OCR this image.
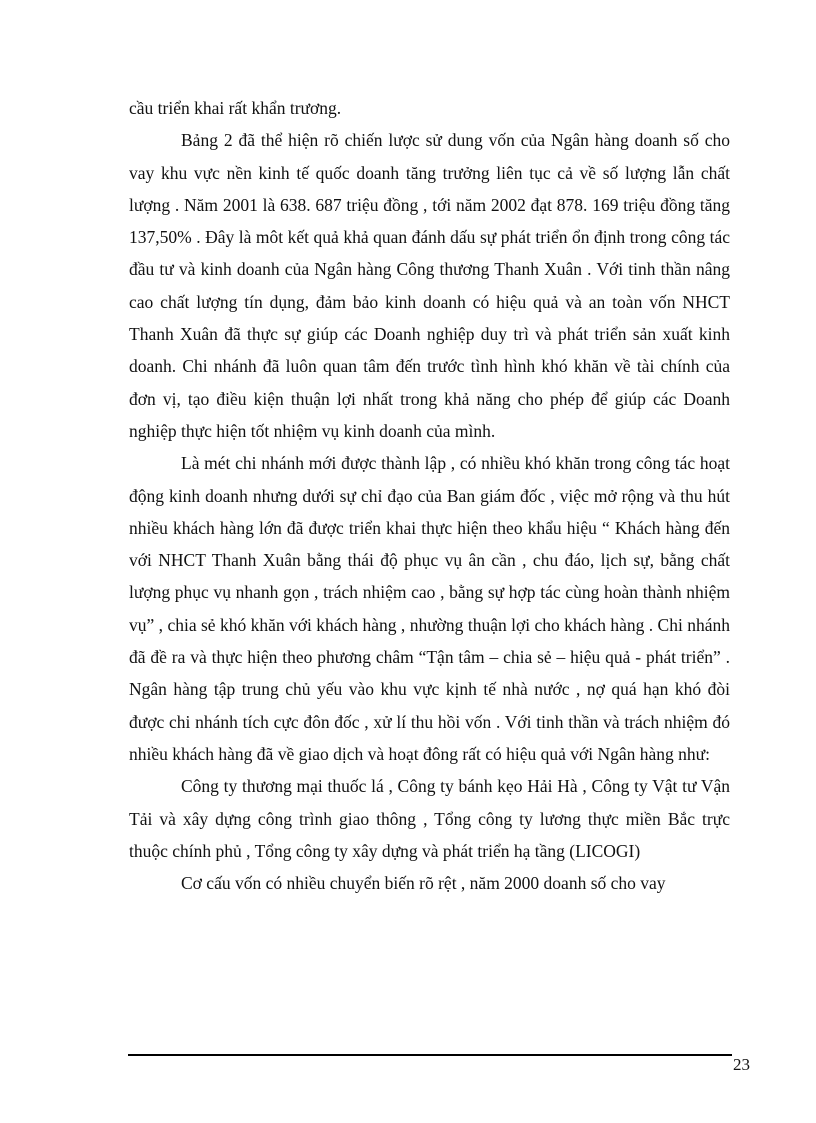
cầu triển khai rất khẩn trương.

Bảng 2 đã thể hiện rõ chiến lược sử dung vốn của Ngân hàng doanh số cho vay khu vực nền kinh tế quốc doanh tăng trưởng liên tục cả về số lượng lẫn chất lượng . Năm 2001 là 638. 687 triệu đồng , tới năm 2002 đạt 878. 169 triệu đồng tăng 137,50% . Đây là môt kết quả khả quan đánh dấu sự phát triển ổn định trong công tác đầu tư và kinh doanh của Ngân hàng Công thương Thanh Xuân . Với tinh thần nâng cao chất lượng tín dụng, đảm bảo kinh doanh có hiệu quả và an toàn vốn NHCT Thanh Xuân đã thực sự giúp các Doanh nghiệp duy trì và phát triển sản xuất kinh doanh. Chi nhánh đã luôn quan tâm đến trước tình hình khó khăn về tài chính của đơn vị, tạo điều kiện thuận lợi nhất trong khả năng cho phép để giúp các Doanh nghiệp thực hiện tốt nhiệm vụ kinh doanh của mình.

Là mét chi nhánh mới được thành lập , có nhiều khó khăn trong công tác hoạt động kinh doanh nhưng dưới sự chỉ đạo của Ban giám đốc , việc mở rộng và thu hút nhiều khách hàng lớn đã được triển khai thực hiện theo khẩu hiệu “ Khách hàng đến với NHCT Thanh Xuân bằng thái độ phục vụ ân cần , chu đáo, lịch sự, bằng chất lượng phục vụ nhanh gọn , trách nhiệm cao , bằng sự hợp tác cùng hoàn thành nhiệm vụ” , chia sẻ khó khăn với khách hàng , nhường thuận lợi cho khách hàng . Chi nhánh đã đề ra và thực hiện theo phương châm “Tận tâm – chia sẻ – hiệu quả - phát triển” . Ngân hàng tập trung chủ yếu vào khu vực kịnh tế nhà nước , nợ quá hạn khó đòi được chi nhánh tích cực đôn đốc , xử lí thu hồi vốn . Với tinh thần và trách nhiệm đó nhiều khách hàng đã về giao dịch và hoạt đông rất có hiệu quả với Ngân hàng như:

Công ty thương mại thuốc lá , Công ty bánh kẹo Hải Hà , Công ty Vật tư Vận Tải và xây dựng công trình giao thông , Tổng công ty lương thực miền Bắc trực thuộc chính phủ , Tổng công ty xây dựng và phát triển hạ tầng (LICOGI)

Cơ cấu vốn có nhiều chuyển biến rõ rệt , năm 2000 doanh số cho vay

23
